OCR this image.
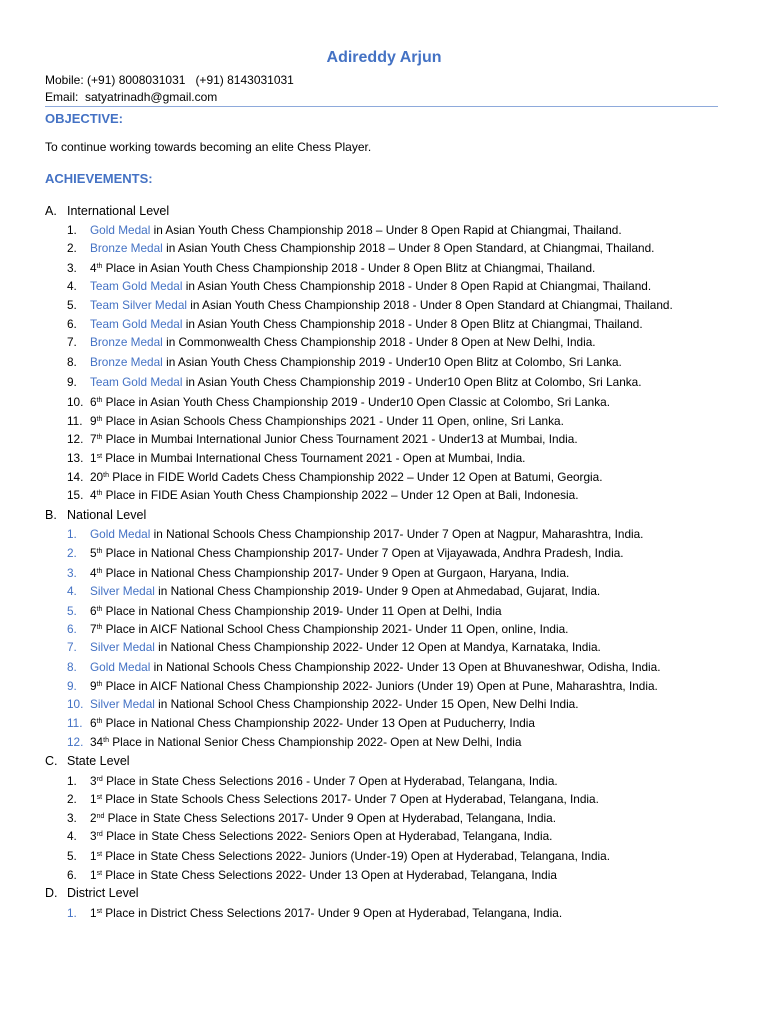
Adireddy Arjun
Mobile: (+91) 8008031031   (+91) 8143031031
Email:  satyatrinadh@gmail.com
OBJECTIVE:
To continue working towards becoming an elite Chess Player.
ACHIEVEMENTS:
A. International Level
1. Gold Medal in Asian Youth Chess Championship 2018 – Under 8 Open Rapid at Chiangmai, Thailand.
2. Bronze Medal in Asian Youth Chess Championship 2018 – Under 8 Open Standard, at Chiangmai, Thailand.
3. 4th Place in Asian Youth Chess Championship 2018 - Under 8 Open Blitz at Chiangmai, Thailand.
4. Team Gold Medal in Asian Youth Chess Championship 2018 - Under 8 Open Rapid at Chiangmai, Thailand.
5. Team Silver Medal in Asian Youth Chess Championship 2018 - Under 8 Open Standard at Chiangmai, Thailand.
6. Team Gold Medal in Asian Youth Chess Championship 2018 - Under 8 Open Blitz at Chiangmai, Thailand.
7. Bronze Medal in Commonwealth Chess Championship 2018 - Under 8 Open at New Delhi, India.
8. Bronze Medal in Asian Youth Chess Championship 2019 - Under10 Open Blitz at Colombo, Sri Lanka.
9. Team Gold Medal in Asian Youth Chess Championship 2019 - Under10 Open Blitz at Colombo, Sri Lanka.
10. 6th Place in Asian Youth Chess Championship 2019 - Under10 Open Classic at Colombo, Sri Lanka.
11. 9th Place in Asian Schools Chess Championships 2021 - Under 11 Open, online, Sri Lanka.
12. 7th Place in Mumbai International Junior Chess Tournament 2021 - Under13 at Mumbai, India.
13. 1st Place in Mumbai International Chess Tournament 2021 - Open at Mumbai, India.
14. 20th Place in FIDE World Cadets Chess Championship 2022 – Under 12 Open at Batumi, Georgia.
15. 4th Place in FIDE Asian Youth Chess Championship 2022 – Under 12 Open at Bali, Indonesia.
B. National Level
1. Gold Medal in National Schools Chess Championship 2017- Under 7 Open at Nagpur, Maharashtra, India.
2. 5th Place in National Chess Championship 2017- Under 7 Open at Vijayawada, Andhra Pradesh, India.
3. 4th Place in National Chess Championship 2017- Under 9 Open at Gurgaon, Haryana, India.
4. Silver Medal in National Chess Championship 2019- Under 9 Open at Ahmedabad, Gujarat, India.
5. 6th Place in National Chess Championship 2019- Under 11 Open at Delhi, India
6. 7th Place in AICF National School Chess Championship 2021- Under 11 Open, online, India.
7. Silver Medal in National Chess Championship 2022- Under 12 Open at Mandya, Karnataka, India.
8. Gold Medal in National Schools Chess Championship 2022- Under 13 Open at Bhuvaneshwar, Odisha, India.
9. 9th Place in AICF National Chess Championship 2022- Juniors (Under 19) Open at Pune, Maharashtra, India.
10. Silver Medal in National School Chess Championship 2022- Under 15 Open, New Delhi India.
11. 6th Place in National Chess Championship 2022- Under 13 Open at Puducherry, India
12. 34th Place in National Senior Chess Championship 2022- Open at New Delhi, India
C. State Level
1. 3rd Place in State Chess Selections 2016 - Under 7 Open at Hyderabad, Telangana, India.
2. 1st Place in State Schools Chess Selections 2017- Under 7 Open at Hyderabad, Telangana, India.
3. 2nd Place in State Chess Selections 2017- Under 9 Open at Hyderabad, Telangana, India.
4. 3rd Place in State Chess Selections 2022- Seniors Open at Hyderabad, Telangana, India.
5. 1st Place in State Chess Selections 2022- Juniors (Under-19) Open at Hyderabad, Telangana, India.
6. 1st Place in State Chess Selections 2022- Under 13 Open at Hyderabad, Telangana, India
D. District Level
1. 1st Place in District Chess Selections 2017- Under 9 Open at Hyderabad, Telangana, India.
